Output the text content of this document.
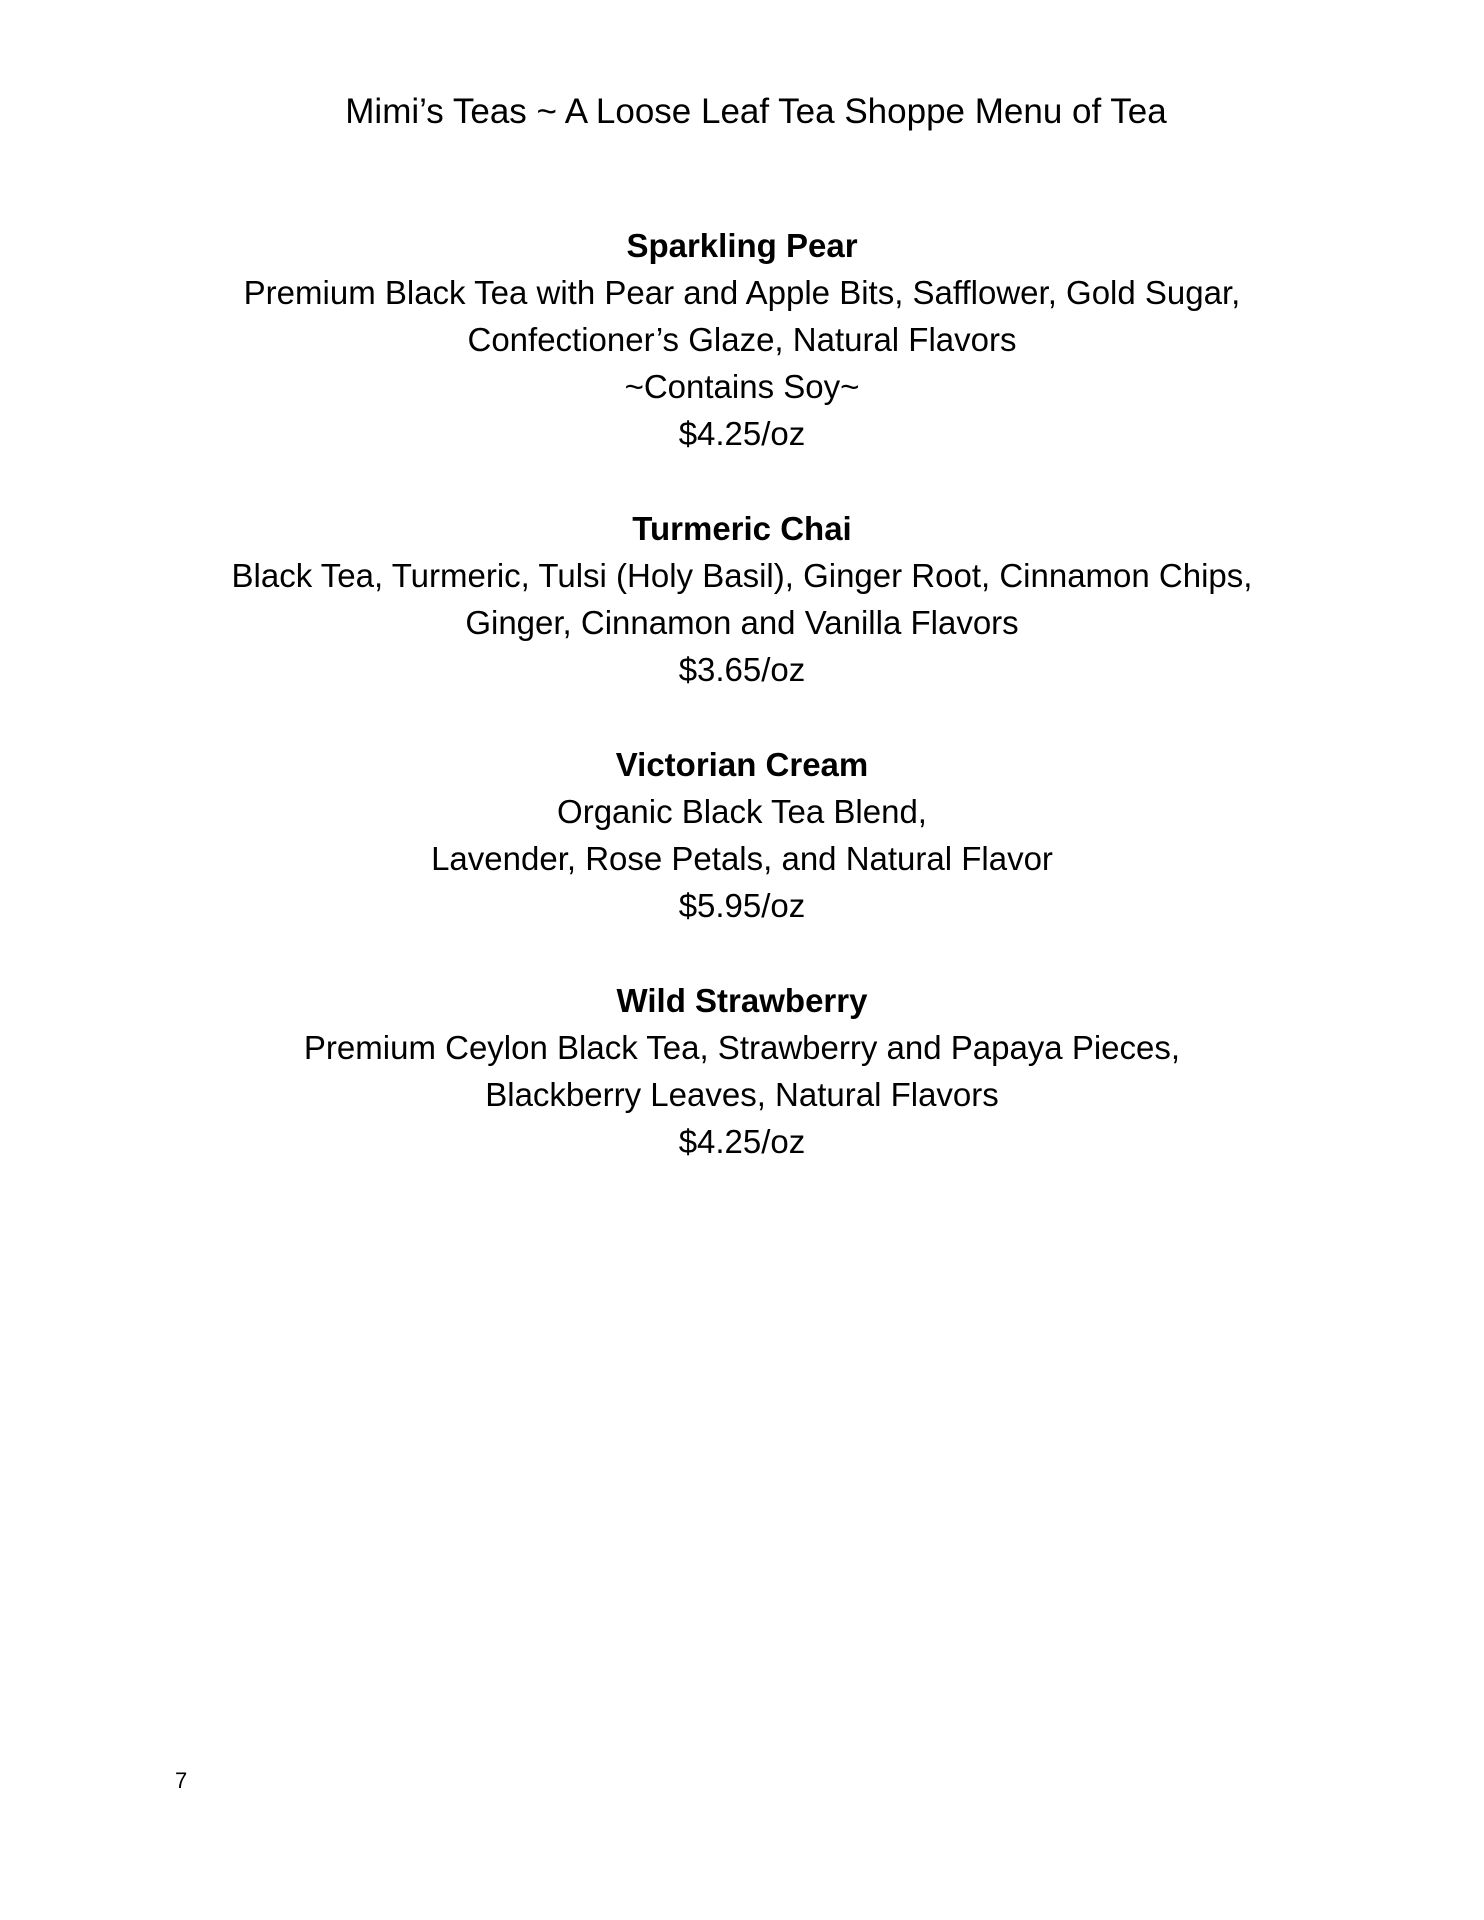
Mimi’s Teas ~ A Loose Leaf Tea Shoppe Menu of Tea
Sparkling Pear
Premium Black Tea with Pear and Apple Bits, Safflower, Gold Sugar,
Confectioner’s Glaze, Natural Flavors
~Contains Soy~
$4.25/oz
Turmeric Chai
Black Tea, Turmeric, Tulsi (Holy Basil), Ginger Root, Cinnamon Chips,
Ginger, Cinnamon and Vanilla Flavors
$3.65/oz
Victorian Cream
Organic Black Tea Blend,
Lavender, Rose Petals, and Natural Flavor
$5.95/oz
Wild Strawberry
Premium Ceylon Black Tea, Strawberry and Papaya Pieces,
Blackberry Leaves, Natural Flavors
$4.25/oz
7
